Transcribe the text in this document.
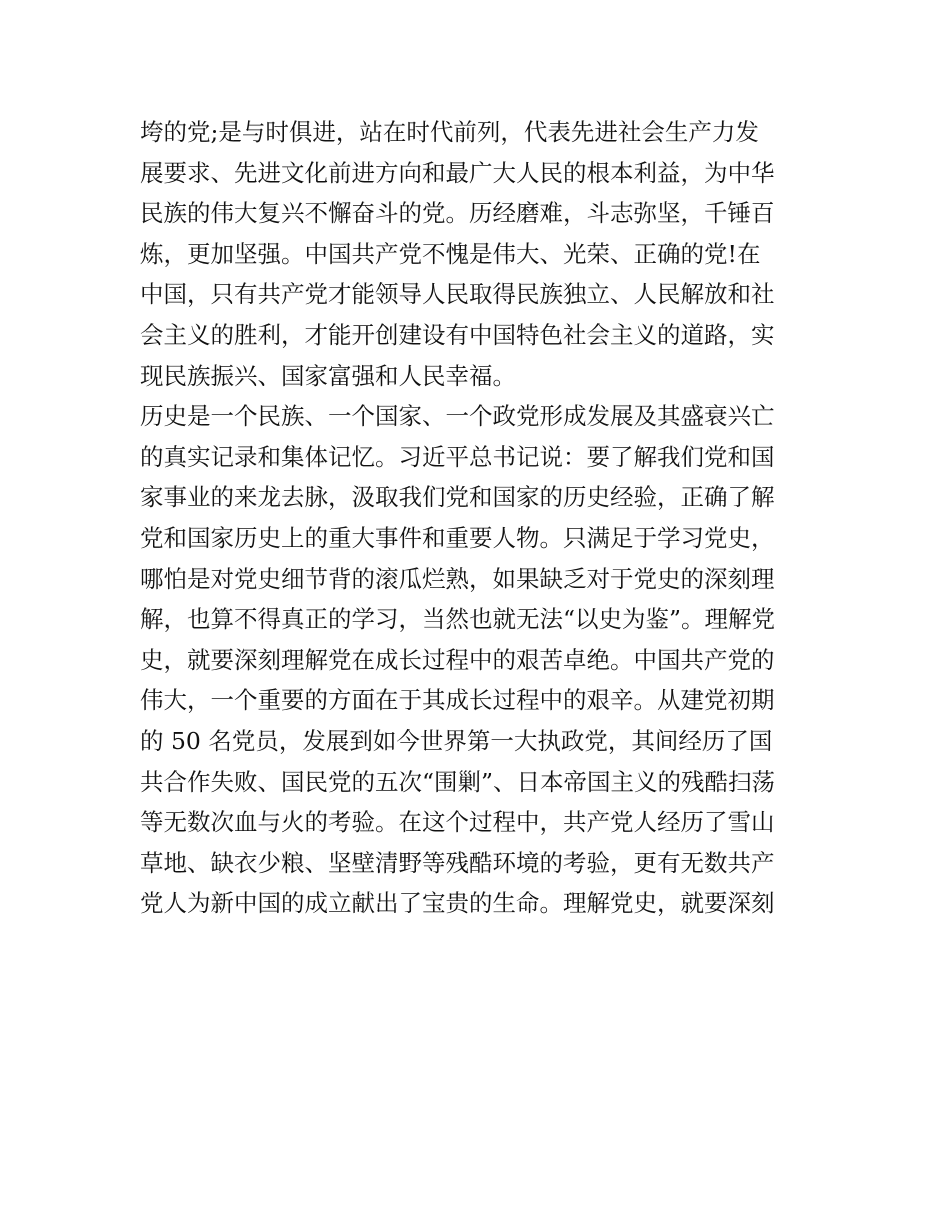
垮的党;是与时俱进，站在时代前列，代表先进社会生产力发
展要求、先进文化前进方向和最广大人民的根本利益，为中华
民族的伟大复兴不懈奋斗的党。历经磨难，斗志弥坚，千锤百
炼，更加坚强。中国共产党不愧是伟大、光荣、正确的党!在
中国，只有共产党才能领导人民取得民族独立、人民解放和社
会主义的胜利，才能开创建设有中国特色社会主义的道路，实
现民族振兴、国家富强和人民幸福。
历史是一个民族、一个国家、一个政党形成发展及其盛衰兴亡
的真实记录和集体记忆。习近平总书记说：要了解我们党和国
家事业的来龙去脉，汲取我们党和国家的历史经验，正确了解
党和国家历史上的重大事件和重要人物。只满足于学习党史，
哪怕是对党史细节背的滚瓜烂熟，如果缺乏对于党史的深刻理
解，也算不得真正的学习，当然也就无法“以史为鉴”。理解党
史，就要深刻理解党在成长过程中的艰苦卓绝。中国共产党的
伟大，一个重要的方面在于其成长过程中的艰辛。从建党初期
的 50 名党员，发展到如今世界第一大执政党，其间经历了国
共合作失败、国民党的五次“围剿”、日本帝国主义的残酷扫荡
等无数次血与火的考验。在这个过程中，共产党人经历了雪山
草地、缺衣少粮、坚壁清野等残酷环境的考验，更有无数共产
党人为新中国的成立献出了宝贵的生命。理解党史，就要深刻
